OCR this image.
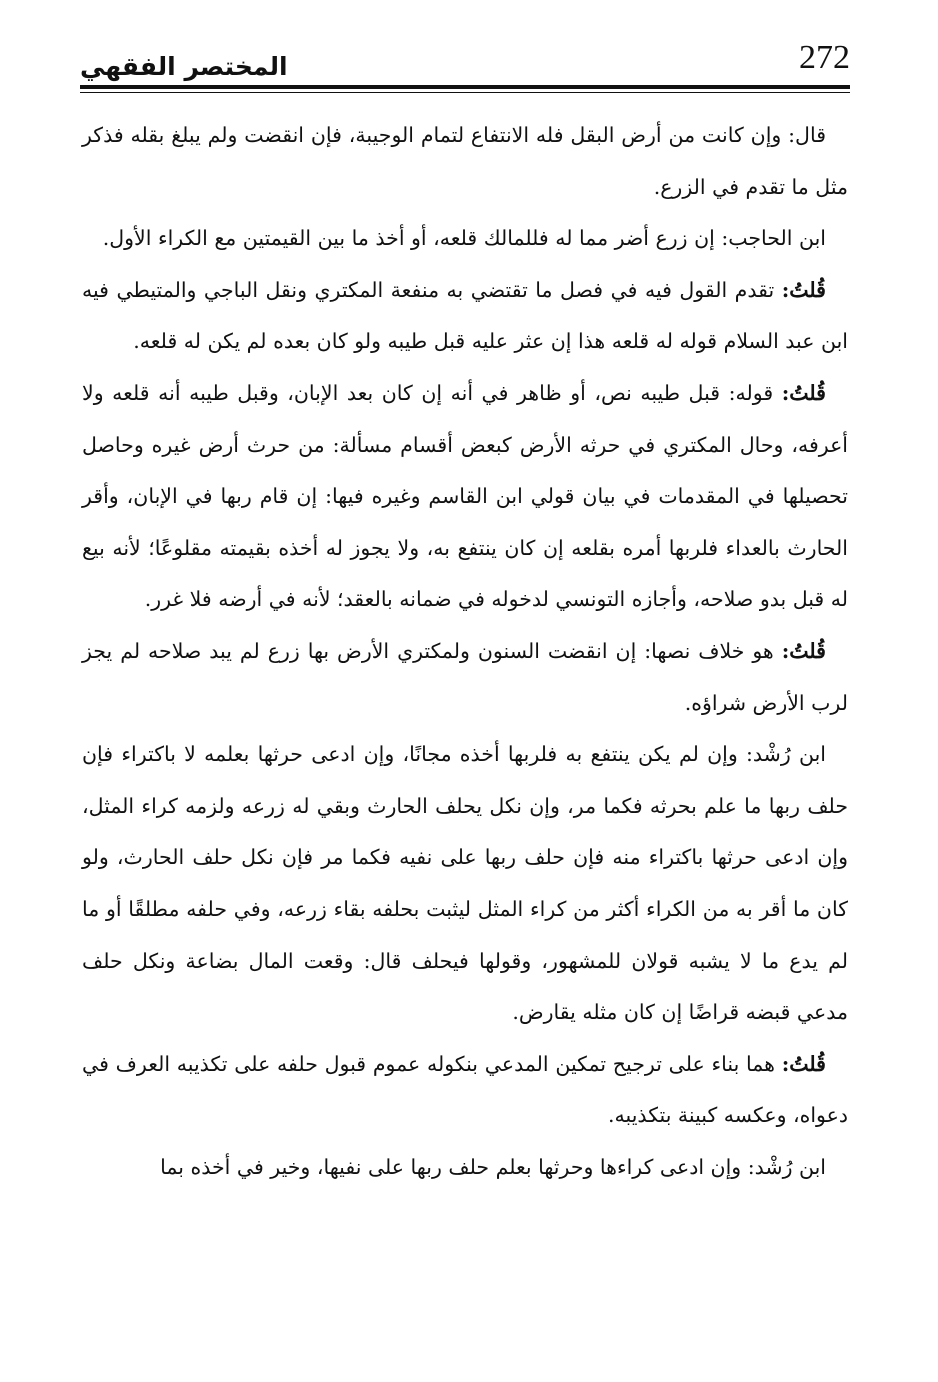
272
المختصر الفقهي

قال: وإن كانت من أرض البقل فله الانتفاع لتمام الوجيبة، فإن انقضت ولم يبلغ بقله فذكر مثل ما تقدم في الزرع.

ابن الحاجب: إن زرع أضر مما له فللمالك قلعه، أو أخذ ما بين القيمتين مع الكراء الأول.

قُلتُ: تقدم القول فيه في فصل ما تقتضي به منفعة المكتري ونقل الباجي والمتيطي فيه ابن عبد السلام قوله له قلعه هذا إن عثر عليه قبل طيبه ولو كان بعده لم يكن له قلعه.

قُلتُ: قوله: قبل طيبه نص، أو ظاهر في أنه إن كان بعد الإبان، وقبل طيبه أنه قلعه ولا أعرفه، وحال المكتري في حرثه الأرض كبعض أقسام مسألة: من حرث أرض غيره وحاصل تحصيلها في المقدمات في بيان قولي ابن القاسم وغيره فيها: إن قام ربها في الإبان، وأقر الحارث بالعداء فلربها أمره بقلعه إن كان ينتفع به، ولا يجوز له أخذه بقيمته مقلوعًا؛ لأنه بيع له قبل بدو صلاحه، وأجازه التونسي لدخوله في ضمانه بالعقد؛ لأنه في أرضه فلا غرر.

قُلتُ: هو خلاف نصها: إن انقضت السنون ولمكتري الأرض بها زرع لم يبد صلاحه لم يجز لرب الأرض شراؤه.

ابن رُشْد: وإن لم يكن ينتفع به فلربها أخذه مجانًا، وإن ادعى حرثها بعلمه لا باكتراء فإن حلف ربها ما علم بحرثه فكما مر، وإن نكل يحلف الحارث وبقي له زرعه ولزمه كراء المثل، وإن ادعى حرثها باكتراء منه فإن حلف ربها على نفيه فكما مر فإن نكل حلف الحارث، ولو كان ما أقر به من الكراء أكثر من كراء المثل ليثبت بحلفه بقاء زرعه، وفي حلفه مطلقًا أو ما لم يدع ما لا يشبه قولان للمشهور، وقولها فيحلف قال: وقعت المال بضاعة ونكل حلف مدعي قبضه قراضًا إن كان مثله يقارض.

قُلتُ: هما بناء على ترجيح تمكين المدعي بنكوله عموم قبول حلفه على تكذيبه العرف في دعواه، وعكسه كبينة بتكذيبه.

ابن رُشْد: وإن ادعى كراءها وحرثها بعلم حلف ربها على نفيها، وخير في أخذه بما
